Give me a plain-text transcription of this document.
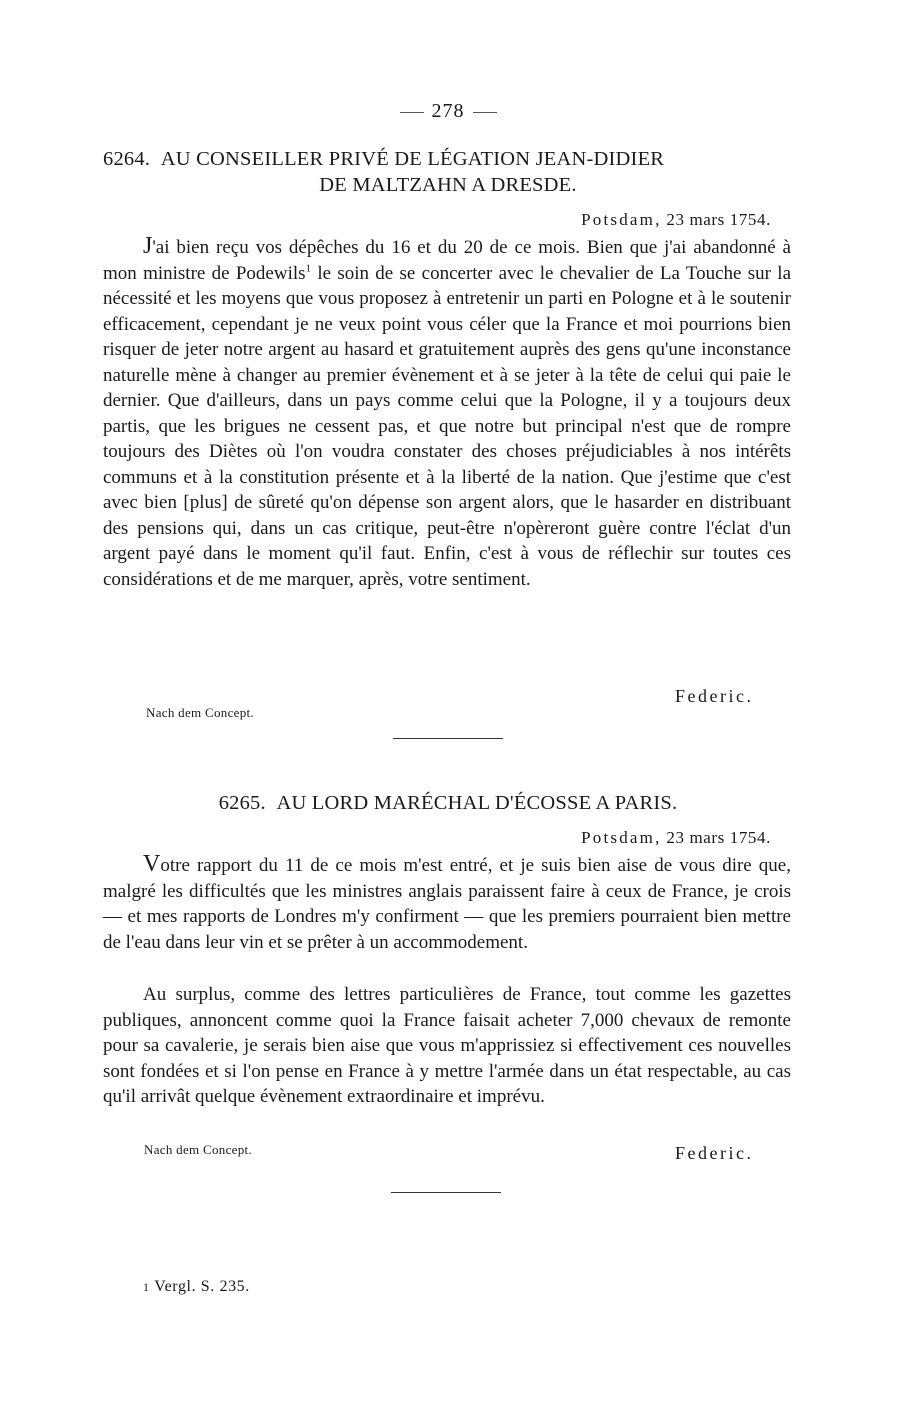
278
6264. AU CONSEILLER PRIVÉ DE LÉGATION JEAN-DIDIER
DE MALTZAHN A DRESDE.
Potsdam, 23 mars 1754.

J'ai bien reçu vos dépêches du 16 et du 20 de ce mois. Bien que j'ai abandonné à mon ministre de Podewils$^1$ le soin de se concerter avec le chevalier de La Touche sur la nécessité et les moyens que vous proposez à entretenir un parti en Pologne et à le soutenir efficacement, cependant je ne veux point vous céler que la France et moi pourrions bien risquer de jeter notre argent au hasard et gratuitement auprès des gens qu'une inconstance naturelle mène à changer au premier évènement et à se jeter à la tête de celui qui paie le dernier. Que d'ailleurs, dans un pays comme celui que la Pologne, il y a toujours deux partis, que les brigues ne cessent pas, et que notre but principal n'est que de rompre toujours des Diètes où l'on voudra constater des choses préjudiciables à nos intérêts communs et à la constitution présente et à la liberté de la nation. Que j'estime que c'est avec bien [plus] de sûreté qu'on dépense son argent alors, que le hasarder en distribuant des pensions qui, dans un cas critique, peut-être n'opèreront guère contre l'éclat d'un argent payé dans le moment qu'il faut. Enfin, c'est à vous de réflechir sur toutes ces considérations et de me marquer, après, votre sentiment.

Federic.
Nach dem Concept.
6265. AU LORD MARÉCHAL D'ÉCOSSE A PARIS.
Potsdam, 23 mars 1754.

Votre rapport du 11 de ce mois m'est entré, et je suis bien aise de vous dire que, malgré les difficultés que les ministres anglais paraissent faire à ceux de France, je crois — et mes rapports de Londres m'y confirment — que les premiers pourraient bien mettre de l'eau dans leur vin et se prêter à un accommodement.

Au surplus, comme des lettres particulières de France, tout comme les gazettes publiques, annoncent comme quoi la France faisait acheter 7,000 chevaux de remonte pour sa cavalerie, je serais bien aise que vous m'apprissiez si effectivement ces nouvelles sont fondées et si l'on pense en France à y mettre l'armée dans un état respectable, au cas qu'il arrivât quelque évènement extraordinaire et imprévu.

Nach dem Concept.	Federic.
1 Vergl. S. 235.
